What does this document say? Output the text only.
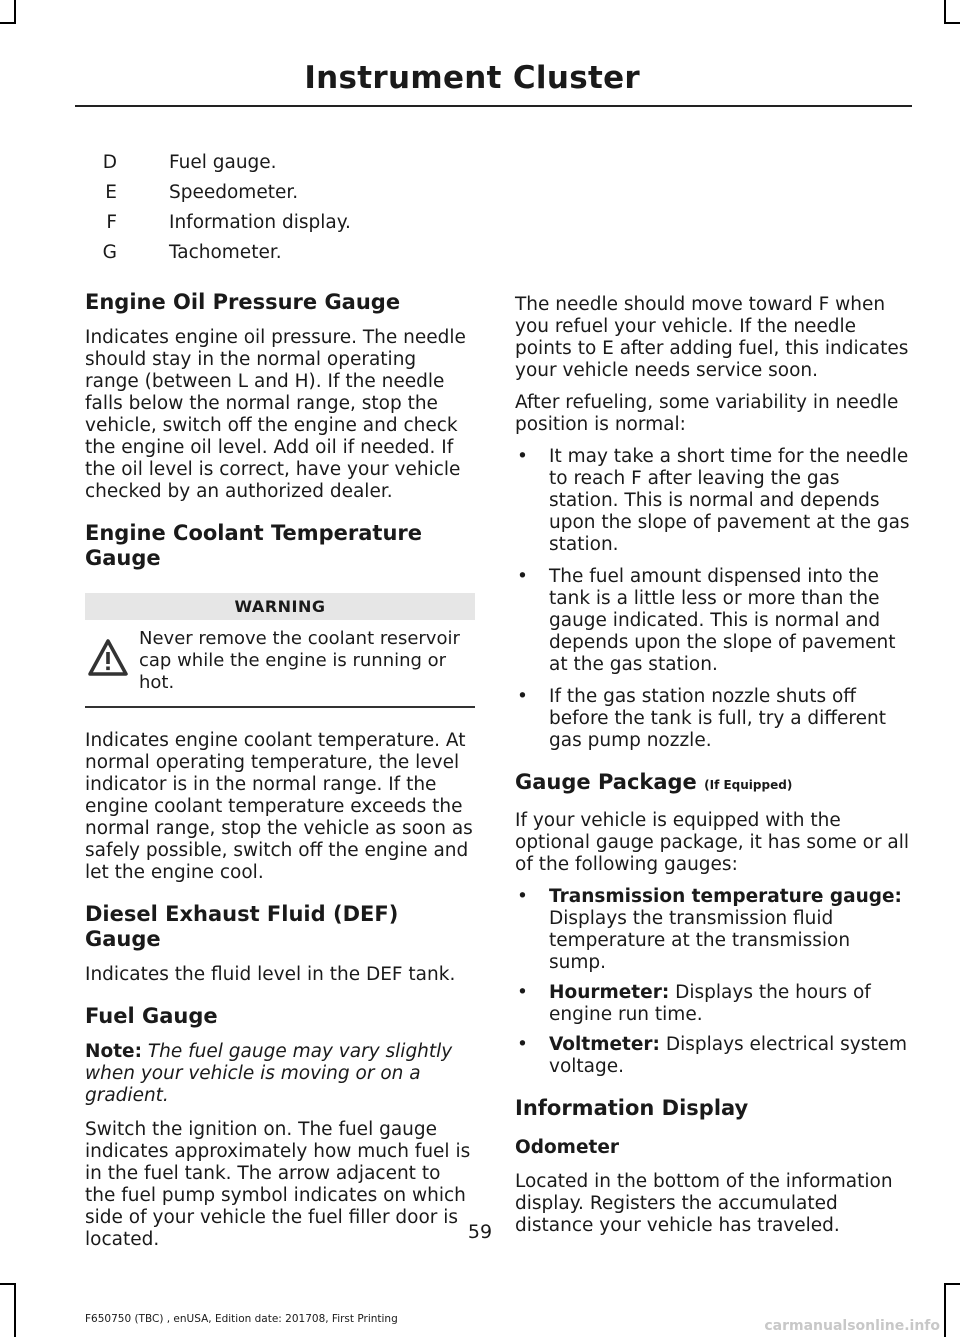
Instrument Cluster
D	Fuel gauge.
E	Speedometer.
F	Information display.
G	Tachometer.
Engine Oil Pressure Gauge

Indicates engine oil pressure. The needle should stay in the normal operating range (between L and H). If the needle falls below the normal range, stop the vehicle, switch off the engine and check the engine oil level. Add oil if needed. If the oil level is correct, have your vehicle checked by an authorized dealer.

Engine Coolant Temperature Gauge
WARNING

Never remove the coolant reservoir cap while the engine is running or hot.

Indicates engine coolant temperature. At normal operating temperature, the level indicator is in the normal range. If the engine coolant temperature exceeds the normal range, stop the vehicle as soon as safely possible, switch off the engine and let the engine cool.

Diesel Exhaust Fluid (DEF) Gauge

Indicates the fluid level in the DEF tank.

Fuel Gauge

Note: The fuel gauge may vary slightly when your vehicle is moving or on a gradient.

Switch the ignition on. The fuel gauge indicates approximately how much fuel is in the fuel tank. The arrow adjacent to the fuel pump symbol indicates on which side of your vehicle the fuel filler door is located.

The needle should move toward F when you refuel your vehicle. If the needle points to E after adding fuel, this indicates your vehicle needs service soon.

After refueling, some variability in needle position is normal:

• It may take a short time for the needle to reach F after leaving the gas station. This is normal and depends upon the slope of pavement at the gas station.
• The fuel amount dispensed into the tank is a little less or more than the gauge indicated. This is normal and depends upon the slope of pavement at the gas station.
• If the gas station nozzle shuts off before the tank is full, try a different gas pump nozzle.
Gauge Package (If Equipped)

If your vehicle is equipped with the optional gauge package, it has some or all of the following gauges:

• Transmission temperature gauge: Displays the transmission fluid temperature at the transmission sump.
• Hourmeter: Displays the hours of engine run time.
• Voltmeter: Displays electrical system voltage.
Information Display
Odometer

Located in the bottom of the information display. Registers the accumulated distance your vehicle has traveled.

59
F650750 (TBC) , enUSA, Edition date: 201708, First Printing	carmanualsonline.info
